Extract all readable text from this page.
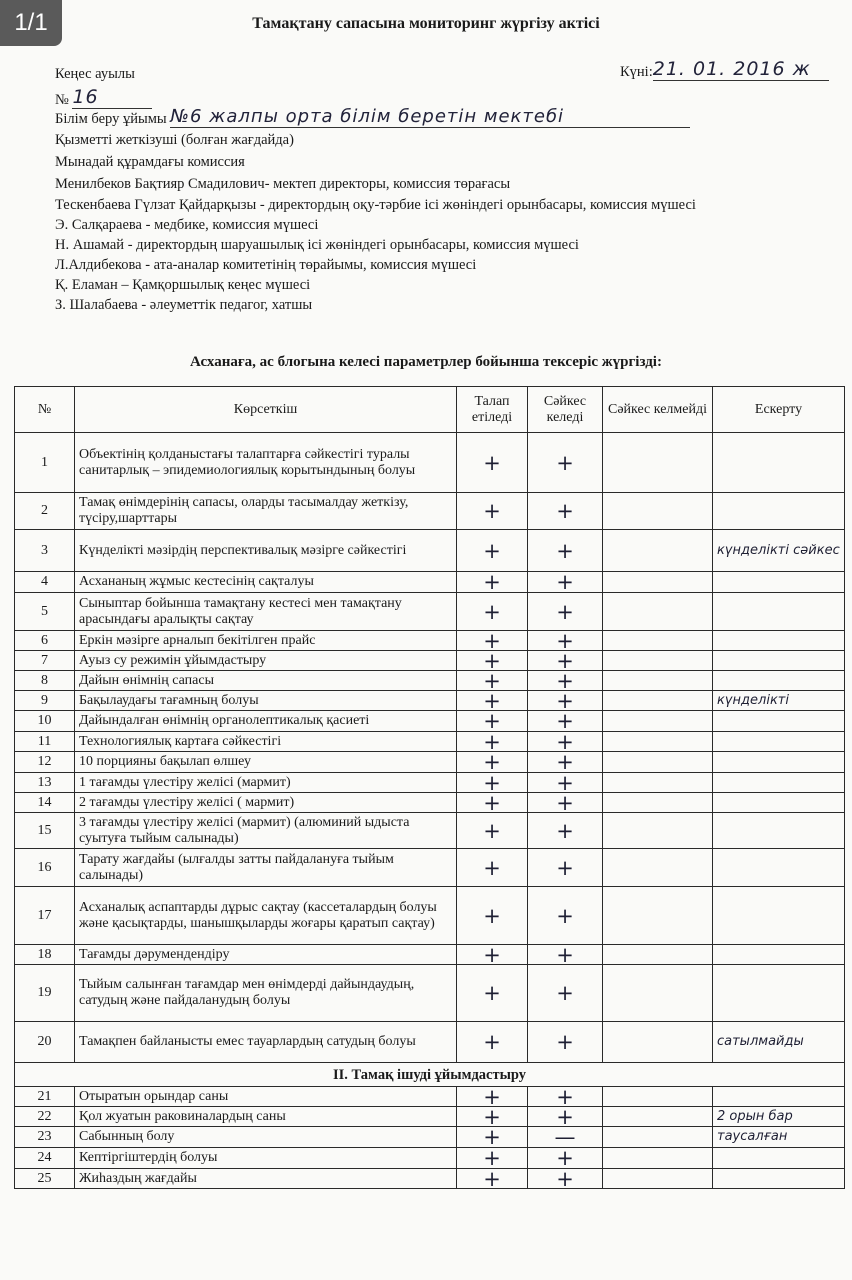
1/1	Тамақтану сапасына мониторинг жүргізу актісі
Күні:21. 01. 2016 ж
Кеңес ауылы
№ 16
Білім беру ұйымы №6 жалпы орта білім беретін мектебі
Қызметті жеткізуші (болған жағдайда)
Мынадай құрамдағы комиссия
Менилбеков Бақтияр Смадилович- мектеп директоры, комиссия төрағасы
Тескенбаева Гүлзат Қайдарқызы - директордың оқу-тәрбие ісі жөніндегі орынбасары, комиссия мүшесі
Э. Салқараева - медбике, комиссия мүшесі
Н. Ашамай - директордың шаруашылық ісі жөніндегі орынбасары, комиссия мүшесі
Л.Алдибекова - ата-аналар комитетінің төрайымы, комиссия мүшесі
Қ. Еламан – Қамқоршылық кеңес мүшесі
З. Шалабаева - әлеуметтік педагог, хатшы
Асханаға, ас блогына келесі параметрлер бойынша тексеріс жүргізді:
№	Көрсеткіш	Талап етіледі	Сәйкес келеді	Сәйкес келмейді	Ескерту
1	Объектінің қолданыстағы талаптарға сәйкестігі туралы санитарлық – эпидемиологиялық корытындының болуы	+	+		
2	Тамақ өнімдерінің сапасы, оларды тасымалдау жеткізу, түсіру,шарттары	+	+		
3	Күнделікті мәзірдің перспективалық мәзірге сәйкестігі	+	+		күнделікті сәйкес
4	Асхананың жұмыс кестесінің сақталуы	+	+		
5	Сыныптар бойынша тамақтану кестесі мен тамақтану арасындағы аралықты сақтау	+	+		
6	Еркін мәзірге арналып бекітілген прайс	+	+		
7	Ауыз су режимін ұйымдастыру	+	+		
8	Дайын өнімнің сапасы	+	+		
9	Бақылаудағы тағамның болуы	+	+		күнделікті
10	Дайындалған өнімнің органолептикалық қасиеті	+	+		
11	Технологиялық картаға сәйкестігі	+	+		
12	10 порцияны бақылап өлшеу	+	+		
13	1 тағамды үлестіру желісі (мармит)	+	+		
14	2 тағамды үлестіру желісі ( мармит)	+	+		
15	3 тағамды үлестіру желісі (мармит) (алюминий ыдыста суытуға тыйым салынады)	+	+		
16	Тарату жағдайы (ылғалды затты пайдалануға тыйым салынады)	+	+		
17	Асханалық аспаптарды дұрыс сақтау (кассеталардың болуы және қасықтарды, шанышқыларды жоғары қаратып сақтау)	+	+		
18	Тағамды дәрумендендіру	+	+		
19	Тыйым салынған тағамдар мен өнімдерді дайындаудың, сатудың және пайдаланудың болуы	+	+		
20	Тамақпен байланысты емес тауарлардың сатудың болуы	+	+		сатылмайды
ІІ. Тамақ ішуді ұйымдастыру					
21	Отыратын орындар саны	+	+		
22	Қол жуатын раковиналардың саны	+	+		2 орын бар
23	Сабынның болу	+	—		таусалған
24	Кептіргіштердің болуы	+	+		
25	Жиһаздың жағдайы	+	+		
